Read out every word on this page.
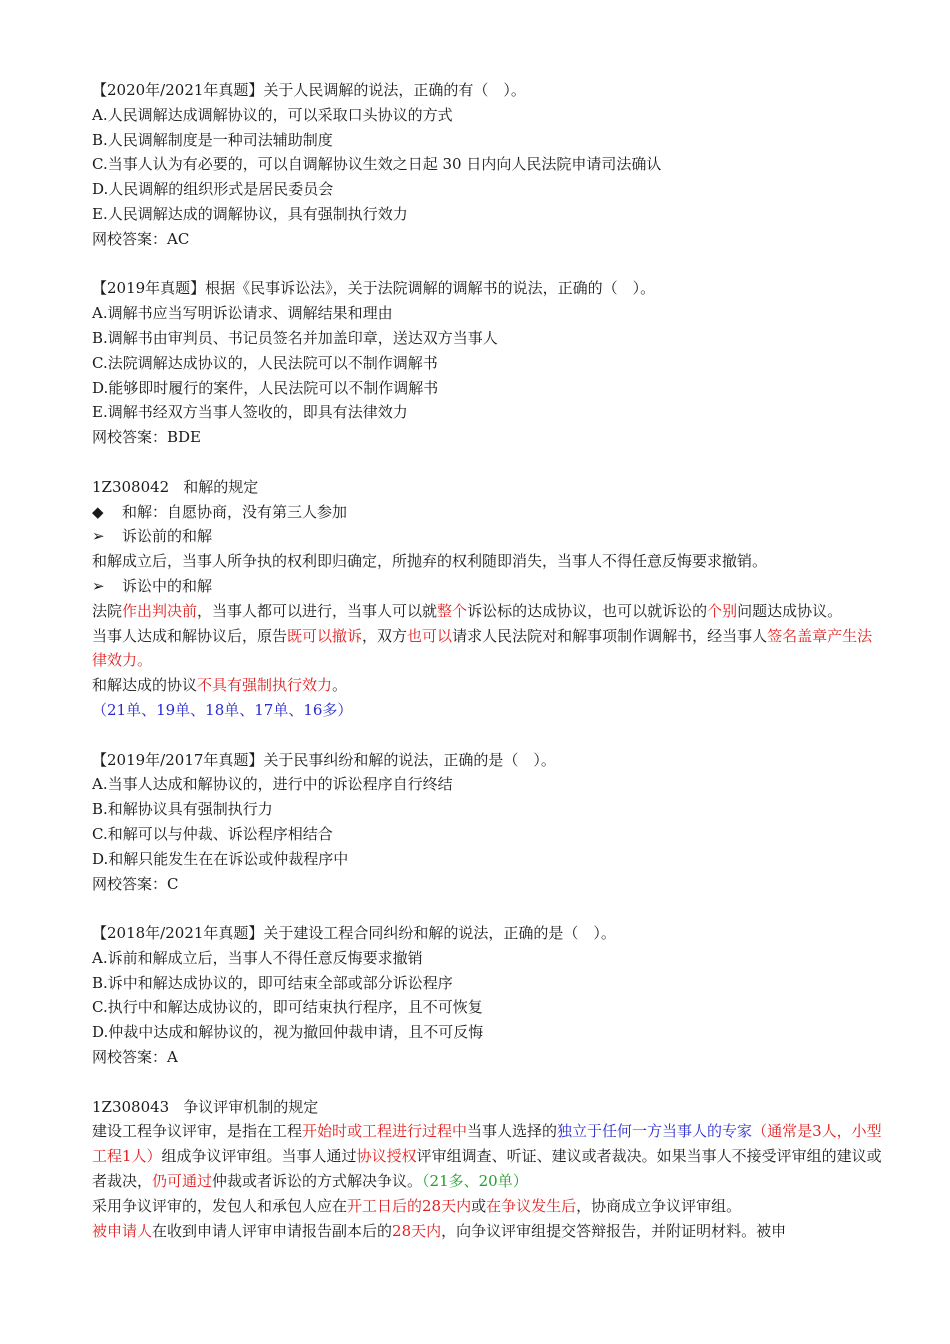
【2020年/2021年真题】关于人民调解的说法，正确的有（　）。
A.人民调解达成调解协议的，可以采取口头协议的方式
B.人民调解制度是一种司法辅助制度
C.当事人认为有必要的，可以自调解协议生效之日起 30 日内向人民法院申请司法确认
D.人民调解的组织形式是居民委员会
E.人民调解达成的调解协议，具有强制执行效力
网校答案：AC
【2019年真题】根据《民事诉讼法》，关于法院调解的调解书的说法，正确的（　）。
A.调解书应当写明诉讼请求、调解结果和理由
B.调解书由审判员、书记员签名并加盖印章，送达双方当事人
C.法院调解达成协议的，人民法院可以不制作调解书
D.能够即时履行的案件，人民法院可以不制作调解书
E.调解书经双方当事人签收的，即具有法律效力
网校答案：BDE
1Z308042 和解的规定
◆ 和解：自愿协商，没有第三人参加
➢ 诉讼前的和解
和解成立后，当事人所争执的权利即归确定，所抛弃的权利随即消失，当事人不得任意反悔要求撤销。
➢ 诉讼中的和解
法院作出判决前，当事人都可以进行，当事人可以就整个诉讼标的达成协议，也可以就诉讼的个别问题达成协议。
当事人达成和解协议后，原告既可以撤诉，双方也可以请求人民法院对和解事项制作调解书，经当事人签名盖章产生法律效力。
和解达成的协议不具有强制执行效力。
（21单、19单、18单、17单、16多）
【2019年/2017年真题】关于民事纠纷和解的说法，正确的是（　）。
A.当事人达成和解协议的，进行中的诉讼程序自行终结
B.和解协议具有强制执行力
C.和解可以与仲裁、诉讼程序相结合
D.和解只能发生在在诉讼或仲裁程序中
网校答案：C
【2018年/2021年真题】关于建设工程合同纠纷和解的说法，正确的是（　）。
A.诉前和解成立后，当事人不得任意反悔要求撤销
B.诉中和解达成协议的，即可结束全部或部分诉讼程序
C.执行中和解达成协议的，即可结束执行程序，且不可恢复
D.仲裁中达成和解协议的，视为撤回仲裁申请，且不可反悔
网校答案：A
1Z308043 争议评审机制的规定
建设工程争议评审，是指在工程开始时或工程进行过程中当事人选择的独立于任何一方当事人的专家（通常是3人，小型工程1人）组成争议评审组。当事人通过协议授权评审组调查、听证、建议或者裁决。如果当事人不接受评审组的建议或者裁决，仍可通过仲裁或者诉讼的方式解决争议。（21多、20单）
采用争议评审的，发包人和承包人应在开工日后的28天内或在争议发生后，协商成立争议评审组。
被申请人在收到申请人评审申请报告副本后的28天内，向争议评审组提交答辩报告，并附证明材料。被申
